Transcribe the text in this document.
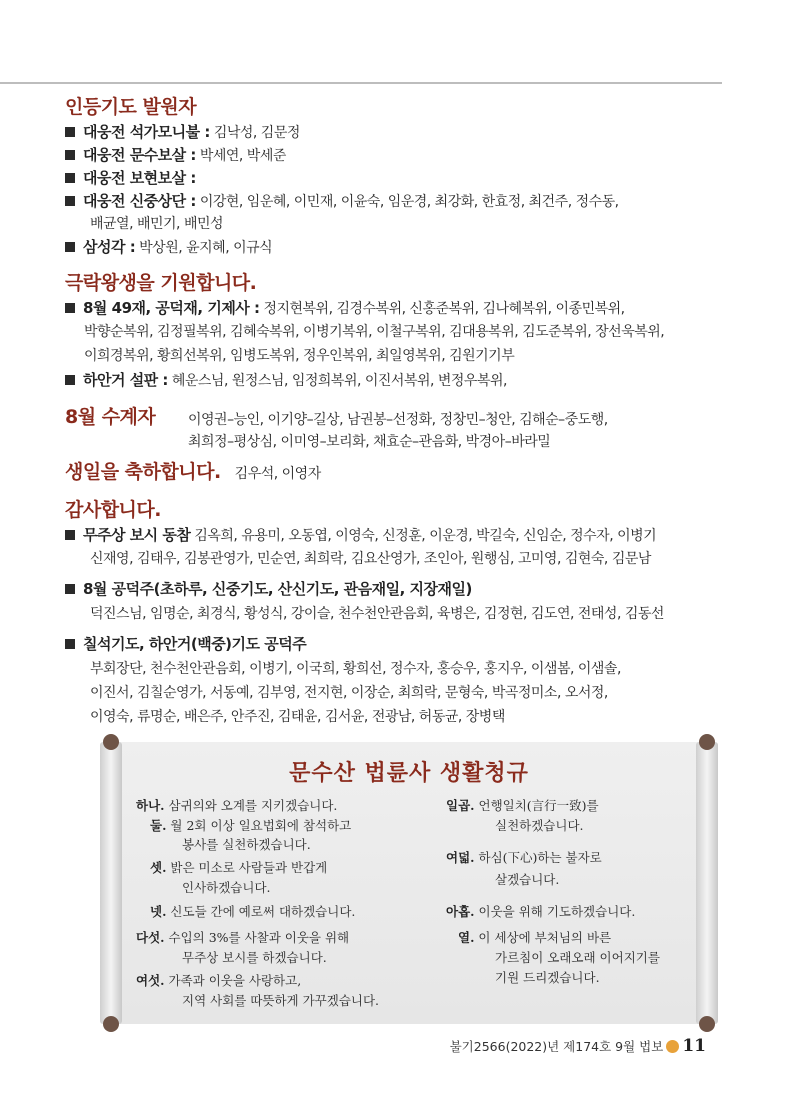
인등기도 발원자
대웅전 석가모니불 : 김낙성, 김문정
대웅전 문수보살 : 박세연, 박세준
대웅전 보현보살 :
대웅전 신중상단 : 이강현, 임운혜, 이민재, 이윤숙, 임운경, 최강화, 한효정, 최건주, 정수동,
배균열, 배민기, 배민성
삼성각 : 박상원, 윤지혜, 이규식
극락왕생을 기원합니다.
8월 49재, 공덕재, 기제사 : 정지현복위, 김경수복위, 신홍준복위, 김나혜복위, 이종민복위,
박향순복위, 김정필복위, 김혜숙복위, 이병기복위, 이철구복위, 김대용복위, 김도준복위, 장선욱복위,
이희경복위, 황희선복위, 임병도복위, 정우인복위, 최일영복위, 김원기기부
하안거 설판 : 혜운스님, 원정스님, 임정희복위, 이진서복위, 변정우복위,
8월 수계자 이영권–능인, 이기양–길상, 남권봉–선정화, 정창민–청안, 김해순–중도행,
최희정–평상심, 이미영–보리화, 채효순–관음화, 박경아–바라밀
생일을 축하합니다. 김우석, 이영자
감사합니다.
무주상 보시 동참 김옥희, 유용미, 오동엽, 이영숙, 신정훈, 이운경, 박길숙, 신임순, 정수자, 이병기
신재영, 김태우, 김봉관영가, 민순연, 최희락, 김요산영가, 조인아, 원행심, 고미영, 김현숙, 김문남
8월 공덕주(초하루, 신중기도, 산신기도, 관음재일, 지장재일)
덕진스님, 임명순, 최경식, 황성식, 강이슬, 천수천안관음회, 육병은, 김정현, 김도연, 전태성, 김동선
칠석기도, 하안거(백중)기도 공덕주
부회장단, 천수천안관음회, 이병기, 이국희, 황희선, 정수자, 홍승우, 홍지우, 이샘봄, 이샘솔,
이진서, 김칠순영가, 서동예, 김부영, 전지현, 이장순, 최희락, 문형숙, 박곡정미소, 오서정,
이영숙, 류명순, 배은주, 안주진, 김태윤, 김서윤, 전광남, 허동균, 장병택
문수산 법륜사 생활청규
하나. 삼귀의와 오계를 지키겠습니다.
둘. 월 2회 이상 일요법회에 참석하고
봉사를 실천하겠습니다.
셋. 밝은 미소로 사람들과 반갑게
인사하겠습니다.
넷. 신도들 간에 예로써 대하겠습니다.
다섯. 수입의 3%를 사찰과 이웃을 위해
무주상 보시를 하겠습니다.
여섯. 가족과 이웃을 사랑하고,
지역 사회를 따뜻하게 가꾸겠습니다.
일곱. 언행일치(言行一致)를
실천하겠습니다.
여덟. 하심(下心)하는 불자로
살겠습니다.
아홉. 이웃을 위해 기도하겠습니다.
열. 이 세상에 부처님의 바른
가르침이 오래오래 이어지기를
기원 드리겠습니다.
불기2566(2022)년 제174호 9월 법보 11
